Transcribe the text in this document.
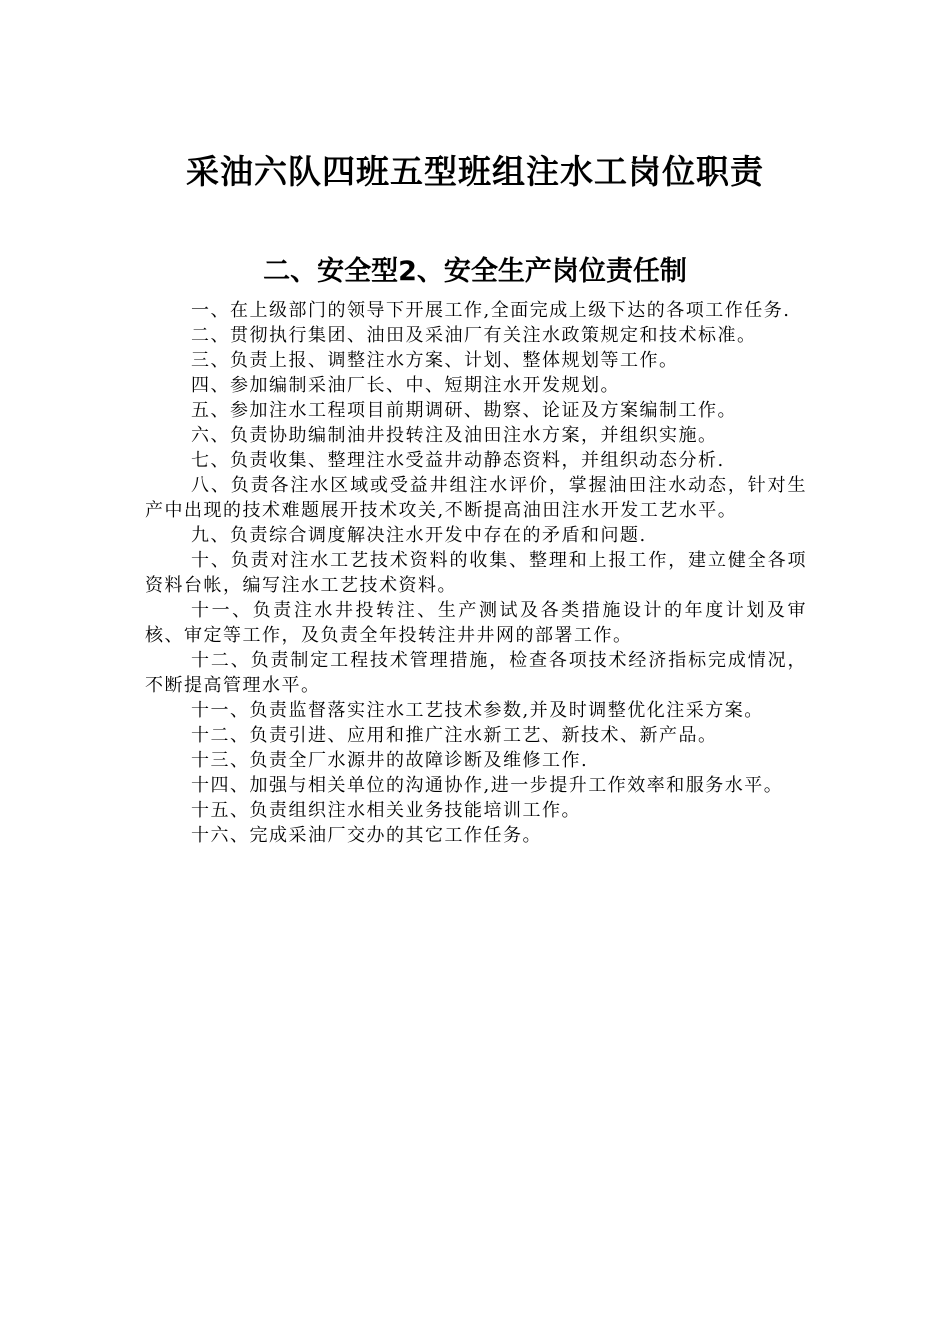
采油六队四班五型班组注水工岗位职责
二、安全型2、安全生产岗位责任制

一、在上级部门的领导下开展工作,全面完成上级下达的各项工作任务.

二、贯彻执行集团、油田及采油厂有关注水政策规定和技术标准。

三、负责上报、调整注水方案、计划、整体规划等工作。

四、参加编制采油厂长、中、短期注水开发规划。

五、参加注水工程项目前期调研、勘察、论证及方案编制工作。

六、负责协助编制油井投转注及油田注水方案，并组织实施。

七、负责收集、整理注水受益井动静态资料，并组织动态分析.

八、负责各注水区域或受益井组注水评价，掌握油田注水动态，针对生产中出现的技术难题展开技术攻关,不断提高油田注水开发工艺水平。

九、负责综合调度解决注水开发中存在的矛盾和问题.

十、负责对注水工艺技术资料的收集、整理和上报工作，建立健全各项资料台帐，编写注水工艺技术资料。

十一、负责注水井投转注、生产测试及各类措施设计的年度计划及审核、审定等工作，及负责全年投转注井井网的部署工作。

十二、负责制定工程技术管理措施，检查各项技术经济指标完成情况，不断提高管理水平。

十一、负责监督落实注水工艺技术参数,并及时调整优化注采方案。

十二、负责引进、应用和推广注水新工艺、新技术、新产品。

十三、负责全厂水源井的故障诊断及维修工作.

十四、加强与相关单位的沟通协作,进一步提升工作效率和服务水平。

十五、负责组织注水相关业务技能培训工作。

十六、完成采油厂交办的其它工作任务。
